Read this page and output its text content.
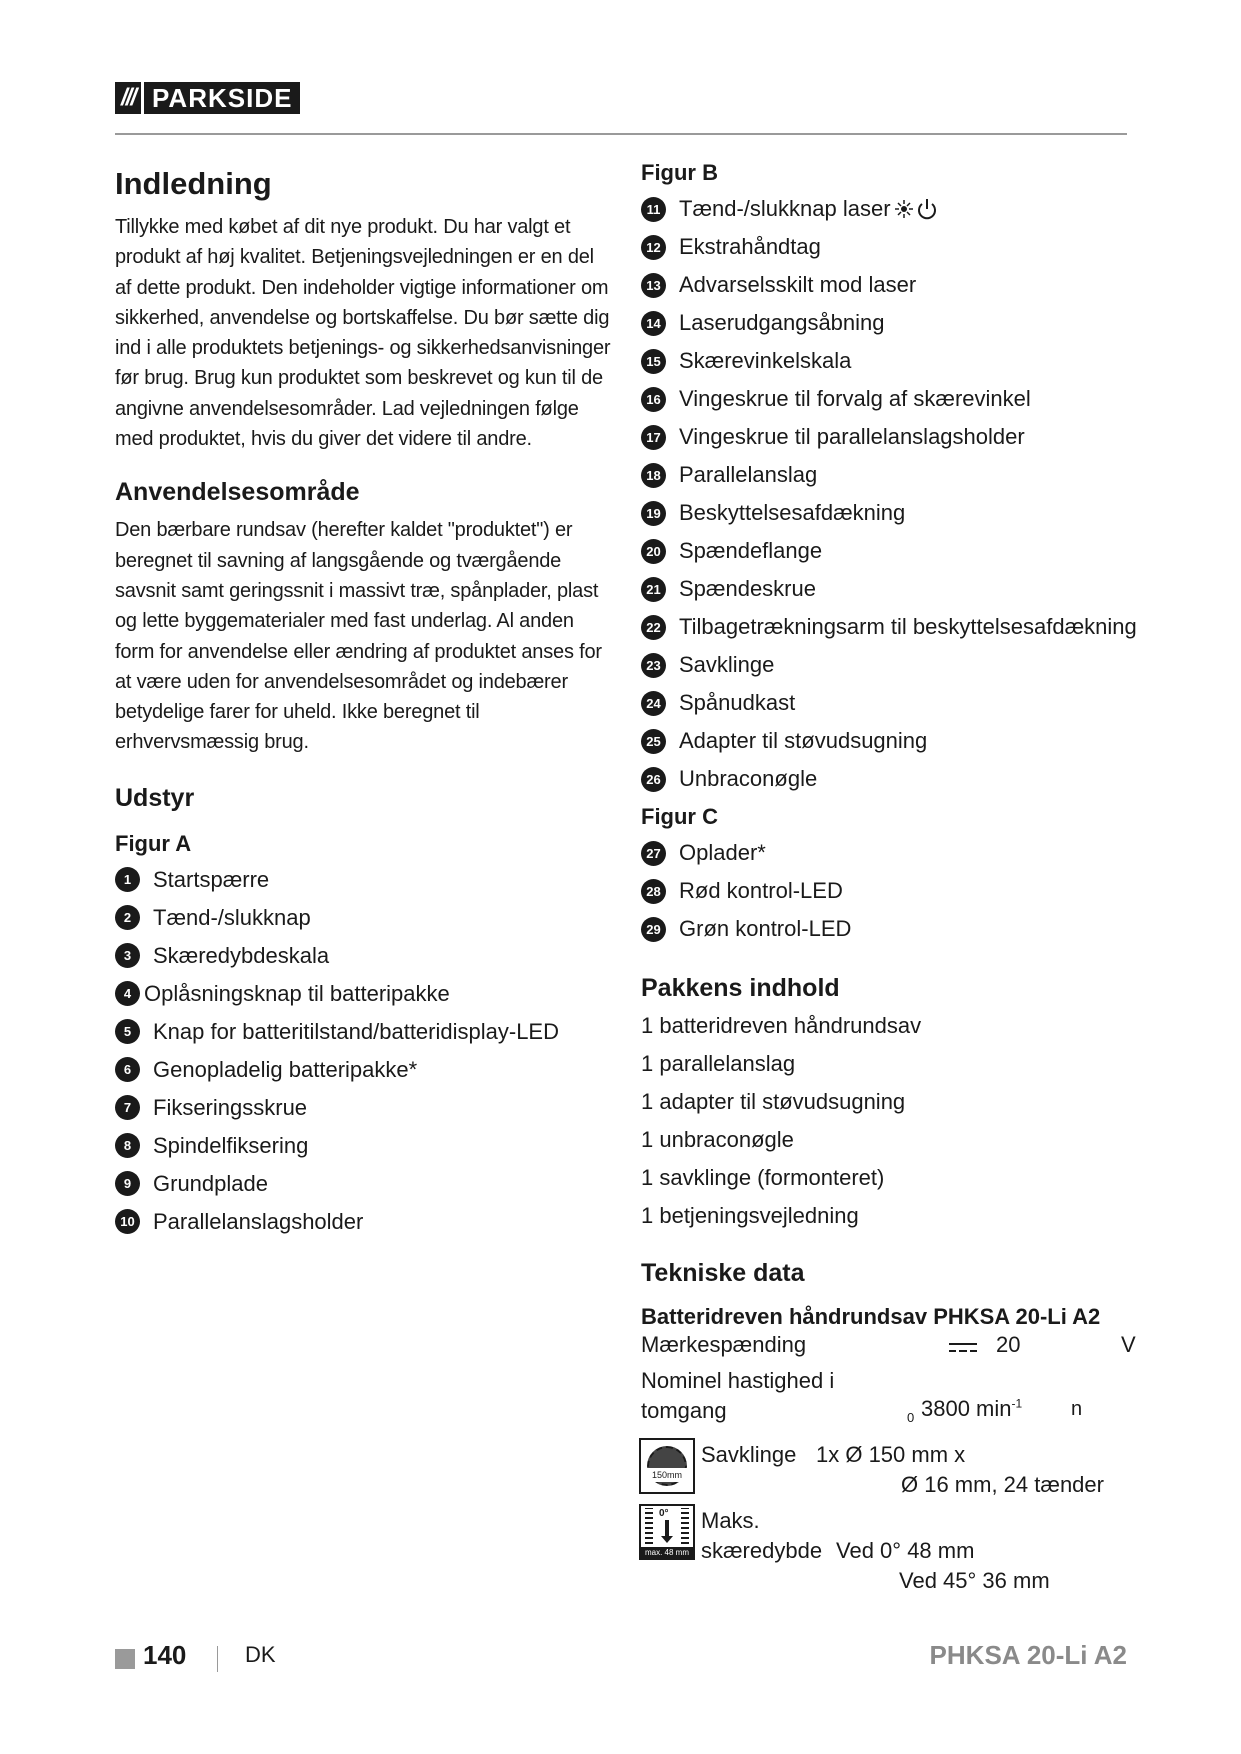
/// PARKSIDE
Indledning

Tillykke med købet af dit nye produkt. Du har valgt et produkt af høj kvalitet. Betjeningsvejledningen er en del af dette produkt. Den indeholder vigtige informationer om sikkerhed, anvendelse og bortskaffelse. Du bør sætte dig ind i alle produktets betjenings- og sikkerhedsanvisninger før brug. Brug kun produktet som beskrevet og kun til de angivne anvendelsesområder. Lad vejledningen følge med produktet, hvis du giver det videre til andre.

Anvendelsesområde

Den bærbare rundsav (herefter kaldet "produktet") er beregnet til savning af langsgående og tværgående savsnit samt geringssnit i massivt træ, spånplader, plast og lette byggematerialer med fast underlag. Al anden form for anvendelse eller ændring af produktet anses for at være uden for anvendelsesområdet og indebærer betydelige farer for uheld. Ikke beregnet til erhvervsmæssig brug.

Udstyr
Figur A
1 Startspærre
2 Tænd-/slukknap
3 Skæredybdeskala
4 Oplåsningsknap til batteripakke
5 Knap for batteritilstand/batteridisplay-LED
6 Genopladelig batteripakke*
7 Fikseringsskrue
8 Spindelfiksering
9 Grundplade
10 Parallelanslagsholder
Figur B
11 Tænd-/slukknap laser
12 Ekstrahåndtag
13 Advarselsskilt mod laser
14 Laserudgangsåbning
15 Skærevinkelskala
16 Vingeskrue til forvalg af skærevinkel
17 Vingeskrue til parallelanslagsholder
18 Parallelanslag
19 Beskyttelsesafdækning
20 Spændeflange
21 Spændeskrue
22 Tilbagetrækningsarm til beskyttelsesafdækning
23 Savklinge
24 Spånudkast
25 Adapter til støvudsugning
26 Unbraconøgle
Figur C
27 Oplader*
28 Rød kontrol-LED
29 Grøn kontrol-LED
Pakkens indhold
1 batteridreven håndrundsav
1 parallelanslag
1 adapter til støvudsugning
1 unbraconøgle
1 savklinge (formonteret)
1 betjeningsvejledning
Tekniske data
Batteridreven håndrundsav PHKSA 20-Li A2
Mærkespænding	20	V
Nominel hastighed i
tomgang	0 3800 $\min^{-1} n$
150mm
Savklinge 1x Ø 150 mm x
Ø 16 mm, 24 tænder
0°
max. 48 mm
Maks.
skæredybde Ved 0° 48 mm
Ved 45° 36 mm
140	DK	PHKSA 20-Li A2
